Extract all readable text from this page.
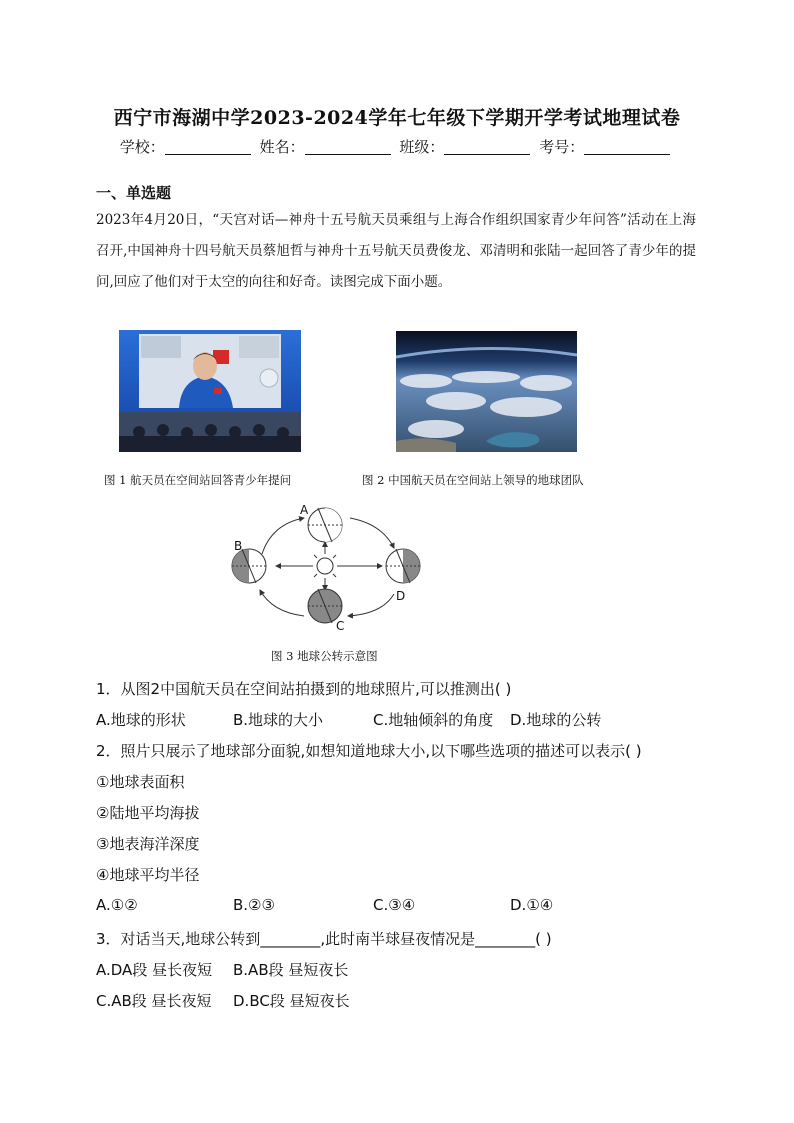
西宁市海湖中学2023-2024学年七年级下学期开学考试地理试卷
学校：	姓名：	班级：	考号：
一、单选题
2023年4月20日，“天宫对话—神舟十五号航天员乘组与上海合作组织国家青少年问答”活动在上海召开,中国神舟十四号航天员蔡旭哲与神舟十五号航天员费俊龙、邓清明和张陆一起回答了青少年的提问,回应了他们对于太空的向往和好奇。读图完成下面小题。
图 1 航天员在空间站回答青少年提问	图 2 中国航天员在空间站上领导的地球团队
A
B
C
D
图 3 地球公转示意图
1．从图2中国航天员在空间站拍摄到的地球照片,可以推测出( )
A.地球的形状	B.地球的大小	C.地轴倾斜的角度 D.地球的公转
2．照片只展示了地球部分面貌,如想知道地球大小,以下哪些选项的描述可以表示( )
①地球表面积
②陆地平均海拔
③地表海洋深度
④地球平均半径
A.①②	B.②③	C.③④	D.①④
3．对话当天,地球公转到________,此时南半球昼夜情况是________( )
A.DA段 昼长夜短 B.AB段 昼短夜长
C.AB段 昼长夜短 D.BC段 昼短夜长
